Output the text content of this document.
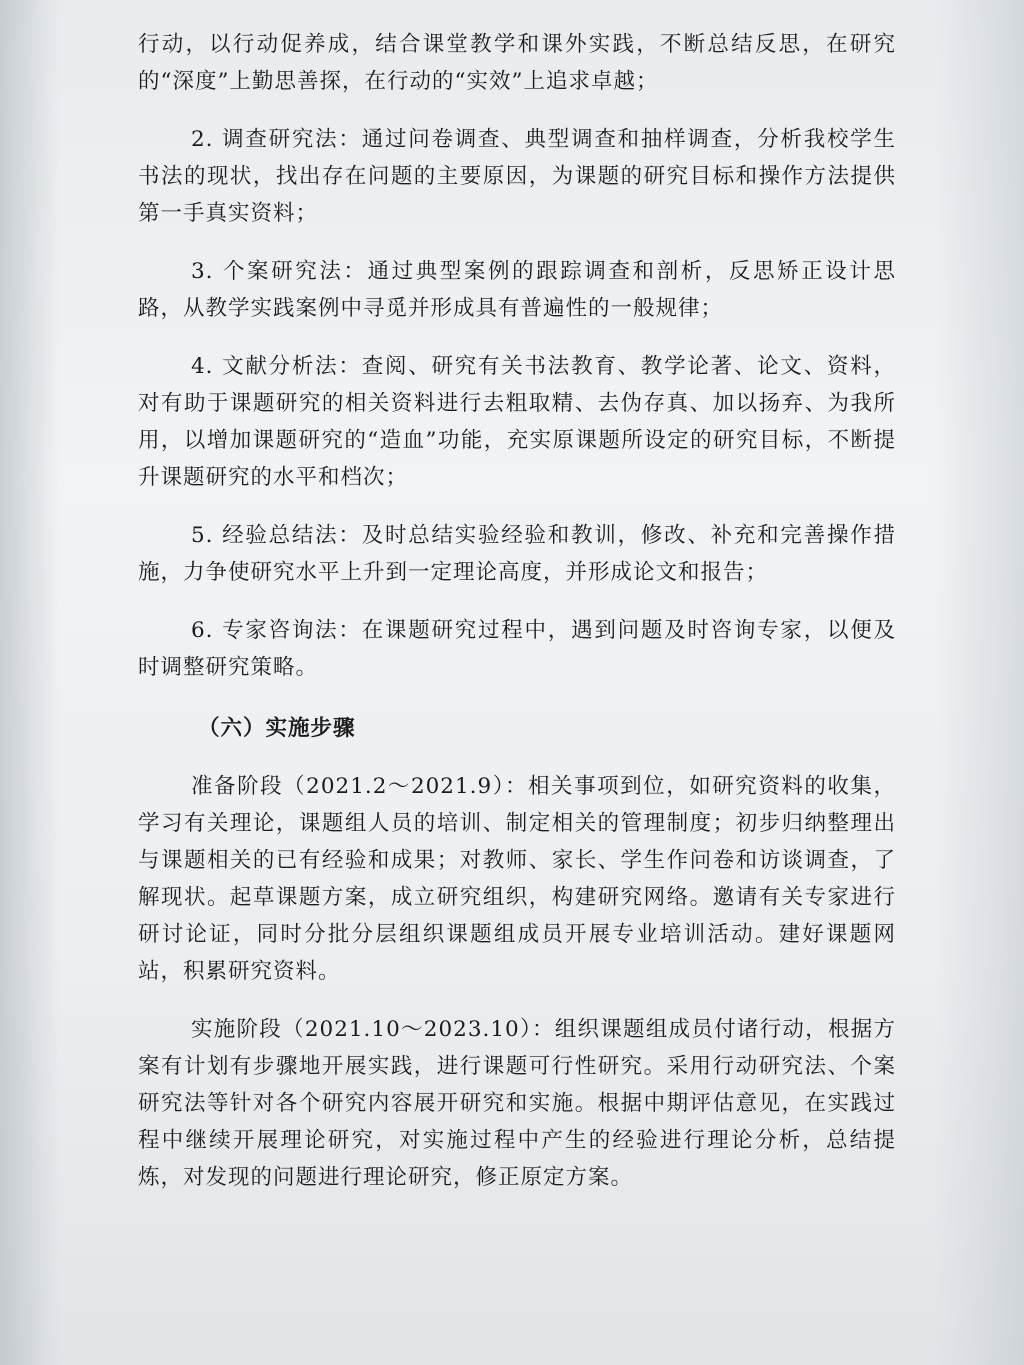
行动，以行动促养成，结合课堂教学和课外实践，不断总结反思，在研究的“深度”上勤思善探，在行动的“实效”上追求卓越；

2. 调查研究法：通过问卷调查、典型调查和抽样调查，分析我校学生书法的现状，找出存在问题的主要原因，为课题的研究目标和操作方法提供第一手真实资料；

3. 个案研究法：通过典型案例的跟踪调查和剖析，反思矫正设计思路，从教学实践案例中寻觅并形成具有普遍性的一般规律；

4. 文献分析法：查阅、研究有关书法教育、教学论著、论文、资料，对有助于课题研究的相关资料进行去粗取精、去伪存真、加以扬弃、为我所用，以增加课题研究的“造血”功能，充实原课题所设定的研究目标，不断提升课题研究的水平和档次；

5. 经验总结法：及时总结实验经验和教训，修改、补充和完善操作措施，力争使研究水平上升到一定理论高度，并形成论文和报告；

6. 专家咨询法：在课题研究过程中，遇到问题及时咨询专家，以便及时调整研究策略。

（六）实施步骤

准备阶段（2021.2～2021.9）：相关事项到位，如研究资料的收集，学习有关理论，课题组人员的培训、制定相关的管理制度；初步归纳整理出与课题相关的已有经验和成果；对教师、家长、学生作问卷和访谈调查，了解现状。起草课题方案，成立研究组织，构建研究网络。邀请有关专家进行研讨论证，同时分批分层组织课题组成员开展专业培训活动。建好课题网站，积累研究资料。

实施阶段（2021.10～2023.10）：组织课题组成员付诸行动，根据方案有计划有步骤地开展实践，进行课题可行性研究。采用行动研究法、个案研究法等针对各个研究内容展开研究和实施。根据中期评估意见，在实践过程中继续开展理论研究，对实施过程中产生的经验进行理论分析，总结提炼，对发现的问题进行理论研究，修正原定方案。
